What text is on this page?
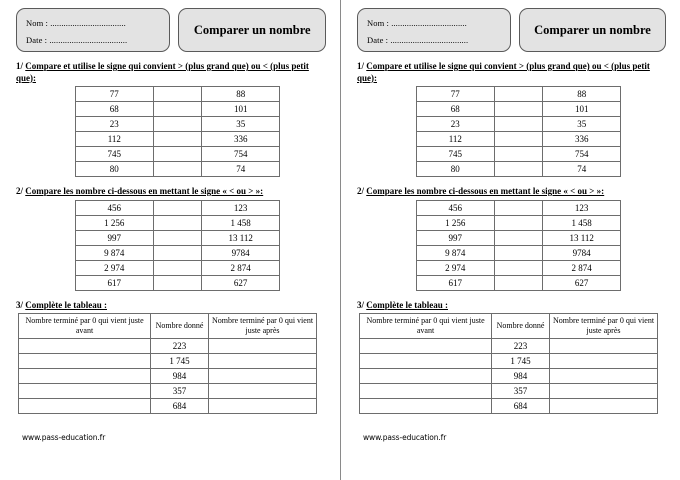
Nom : ..................................
Date : ...................................
Comparer un nombre
1/ Compare et utilise le signe qui convient > (plus grand que) ou < (plus petit que):
77		88
68		101
23		35
112		336
745		754
80		74
2/ Compare les nombre ci-dessous en mettant le signe « < ou > »:
456		123
1 256		1 458
997		13 112
9 874		9784
2 974		2 874
617		627
3/ Complète le tableau :
Nombre terminé par 0 qui vient juste avant	Nombre donné	Nombre terminé par 0 qui vient juste après
	223	
	1 745	
	984	
	357	
	684	
www.pass-education.fr
Nom : ..................................
Date : ...................................
Comparer un nombre
1/ Compare et utilise le signe qui convient > (plus grand que) ou < (plus petit que):
77		88
68		101
23		35
112		336
745		754
80		74
2/ Compare les nombre ci-dessous en mettant le signe « < ou > »:
456		123
1 256		1 458
997		13 112
9 874		9784
2 974		2 874
617		627
3/ Complète le tableau :
Nombre terminé par 0 qui vient juste avant	Nombre donné	Nombre terminé par 0 qui vient juste après
	223	
	1 745	
	984	
	357	
	684	
www.pass-education.fr
